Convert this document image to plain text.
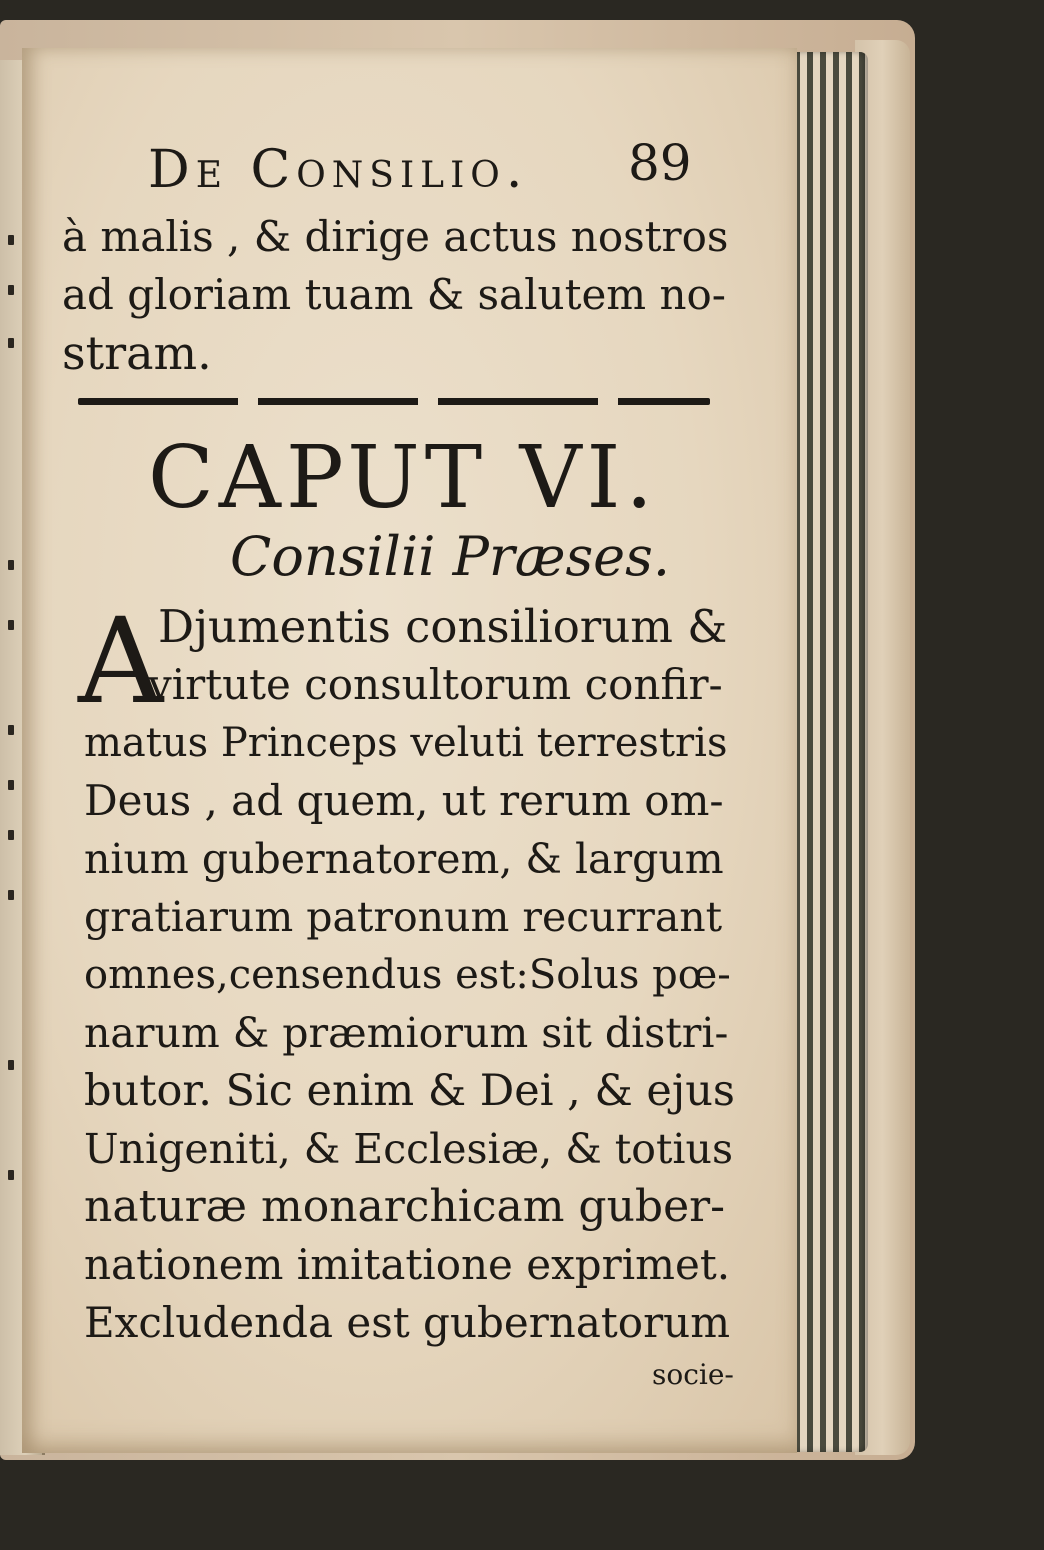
De Consilio. 89

à malis , & dirige actus nostros

ad gloriam tuam & salutem no-

stram.

CAPUT VI.

Consilii Præses.

A

Djumentis consiliorum &

virtute consultorum confir-

matus Princeps veluti terrestris

Deus , ad quem, ut rerum om-

nium gubernatorem, & largum

gratiarum patronum recurrant

omnes,censendus est:Solus pœ-

narum & præmiorum sit distri-

butor. Sic enim & Dei , & ejus

Unigeniti, & Ecclesiæ, & totius

naturæ monarchicam guber-

nationem imitatione exprimet.

Excludenda est gubernatorum

socie-
